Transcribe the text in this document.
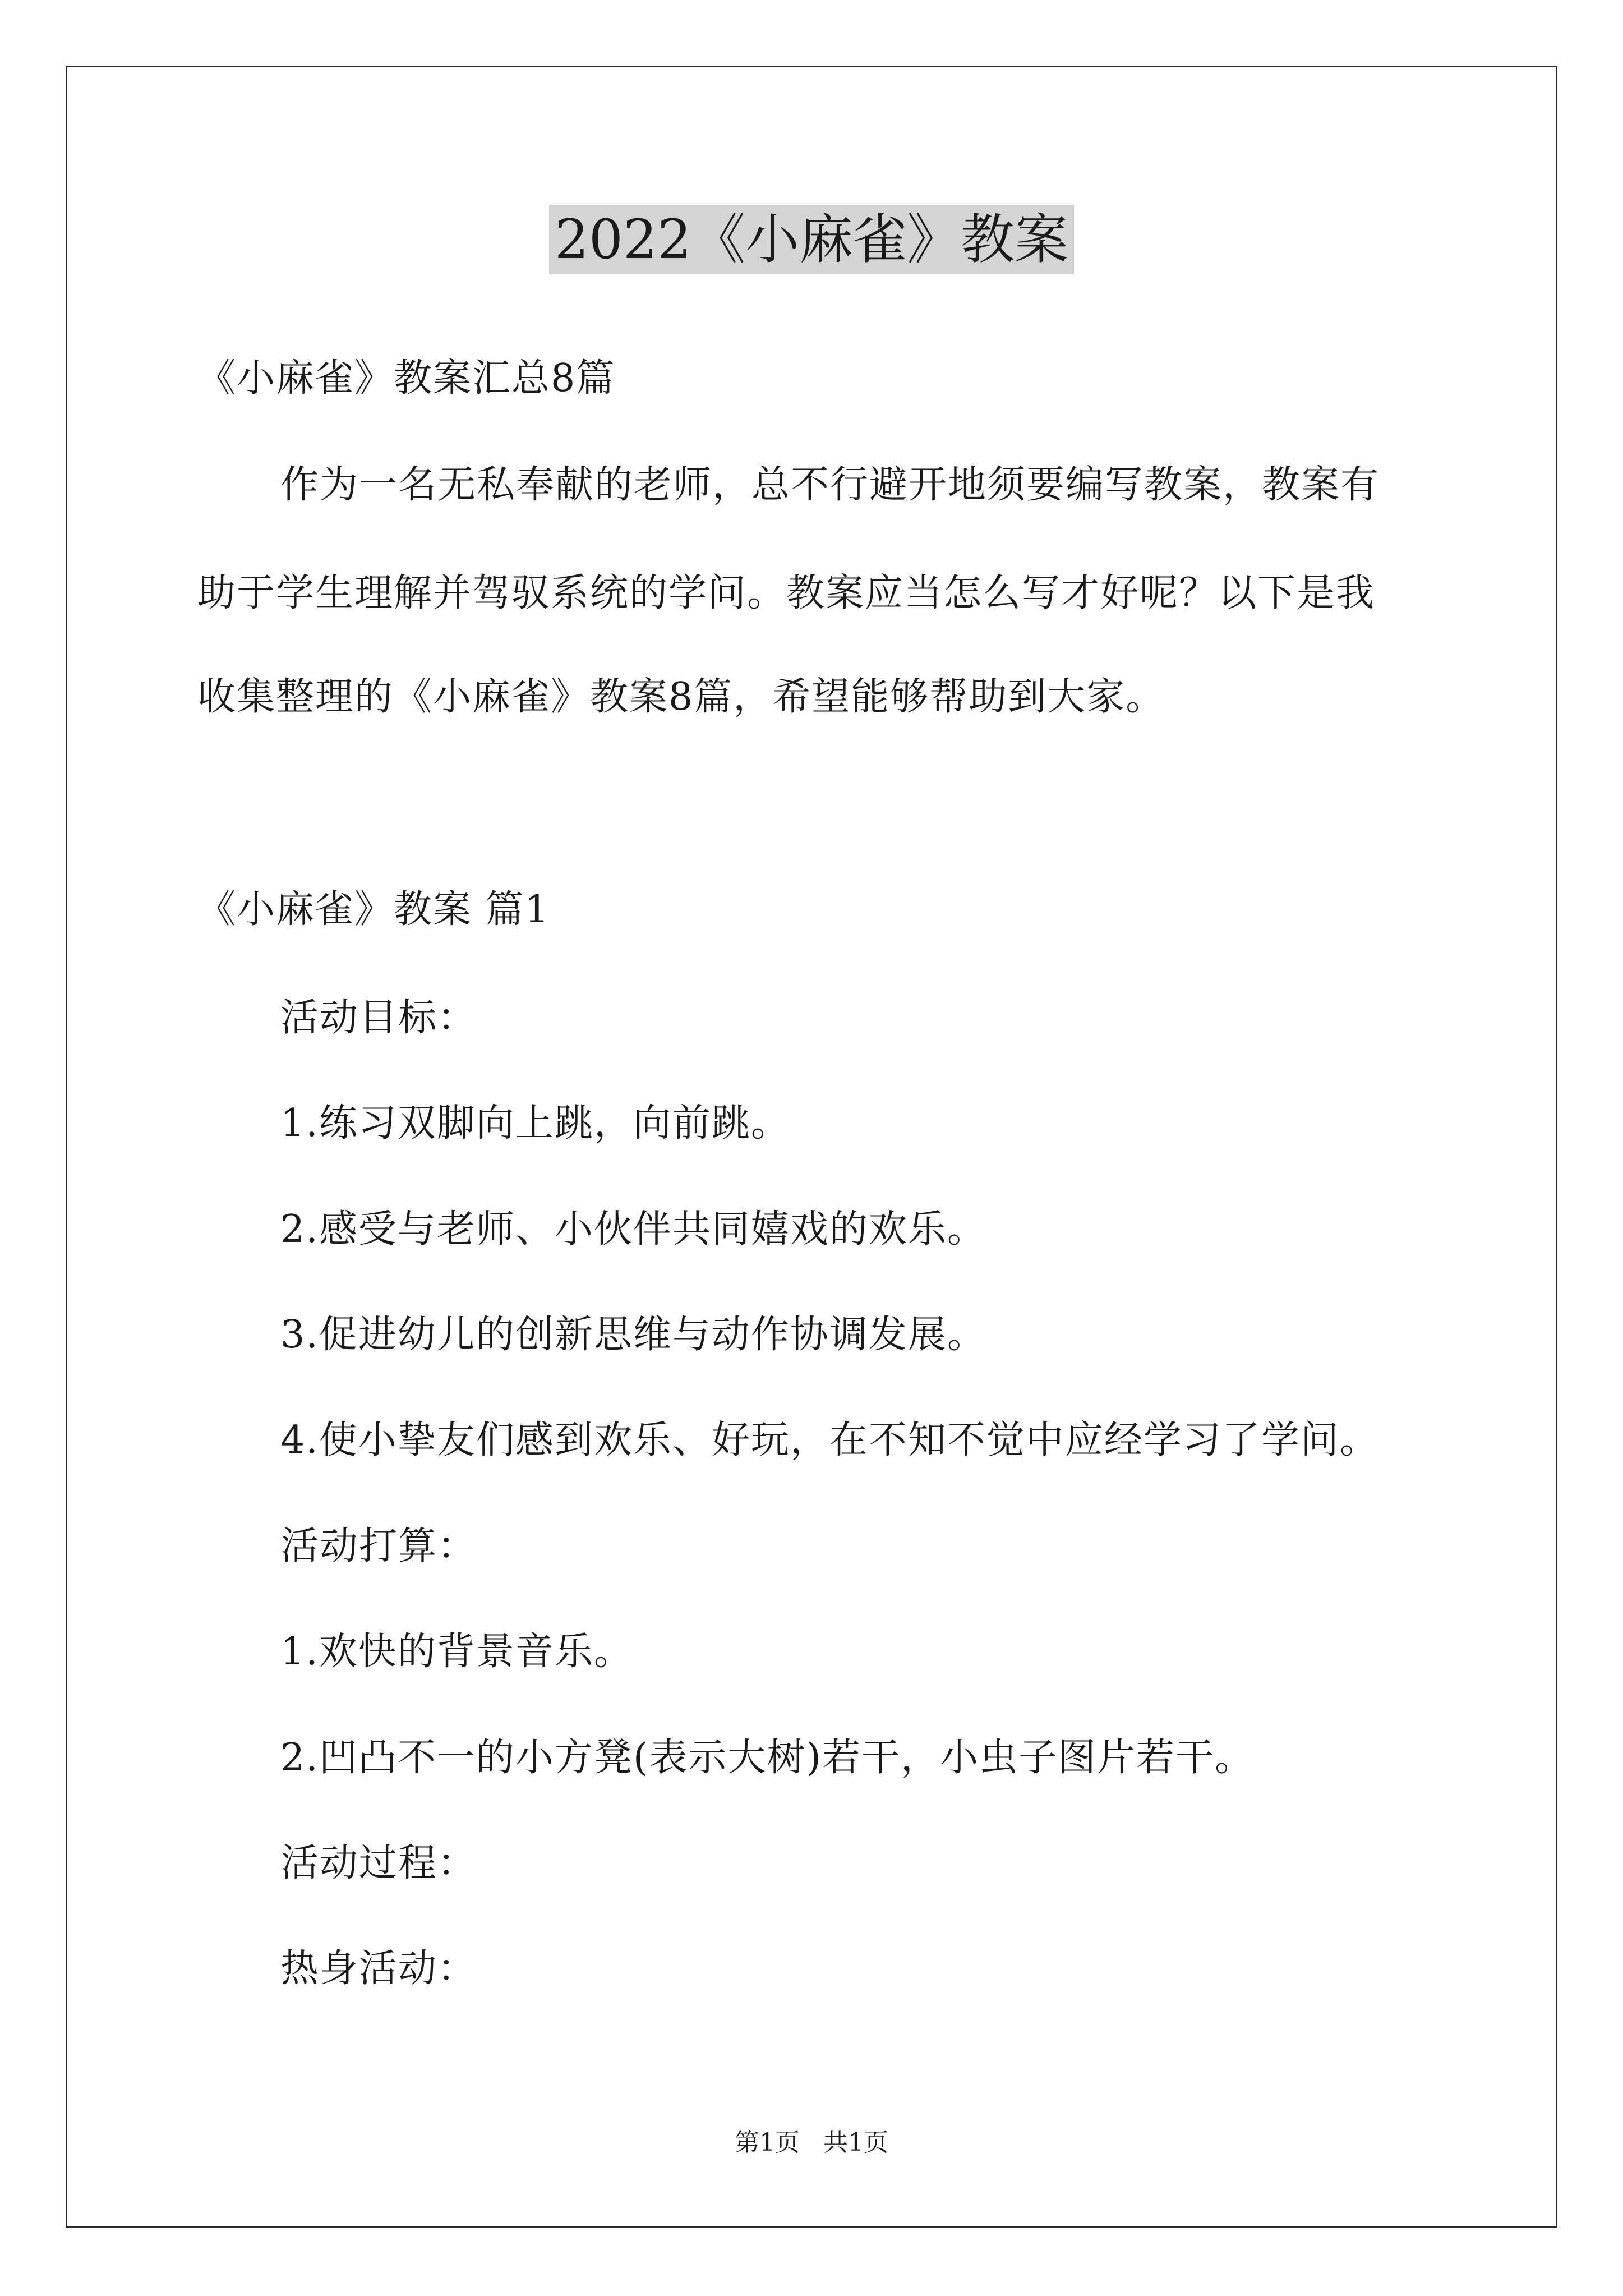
2022《小麻雀》教案
《小麻雀》教案汇总8篇
作为一名无私奉献的老师，总不行避开地须要编写教案，教案有
助于学生理解并驾驭系统的学问。教案应当怎么写才好呢？以下是我
收集整理的《小麻雀》教案8篇，希望能够帮助到大家。
《小麻雀》教案 篇1
活动目标：
1.练习双脚向上跳，向前跳。
2.感受与老师、小伙伴共同嬉戏的欢乐。
3.促进幼儿的创新思维与动作协调发展。
4.使小挚友们感到欢乐、好玩，在不知不觉中应经学习了学问。
活动打算：
1.欢快的背景音乐。
2.凹凸不一的小方凳(表示大树)若干，小虫子图片若干。
活动过程：
热身活动：
第1页   共1页
